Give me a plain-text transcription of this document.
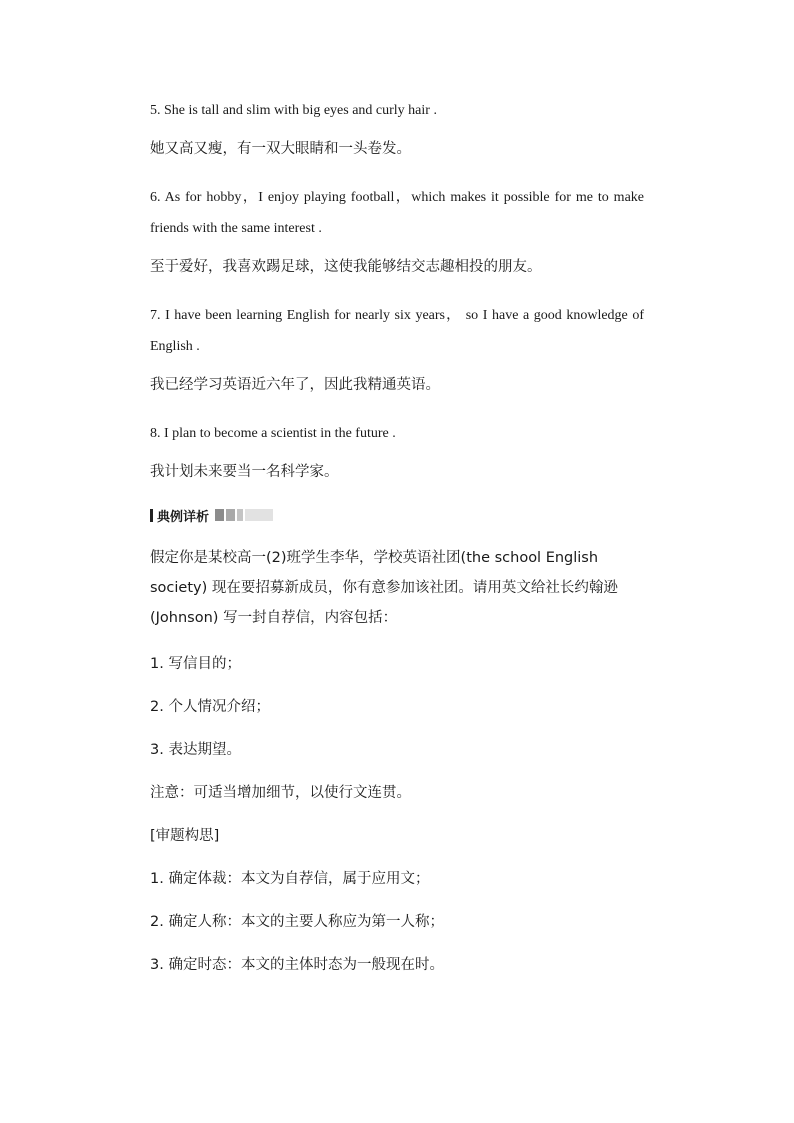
5. She is tall and slim with big eyes and curly hair .

她又高又瘦，有一双大眼睛和一头卷发。

6. As for hobby，I enjoy playing football，which makes it possible for me to make friends with the same interest .

至于爱好，我喜欢踢足球，这使我能够结交志趣相投的朋友。

7. I have been learning English for nearly six years， so I have a good knowledge of English .

我已经学习英语近六年了，因此我精通英语。

8. I plan to become a scientist in the future .

我计划未来要当一名科学家。

典例详析

假定你是某校高一(2)班学生李华，学校英语社团(the school English society) 现在要招募新成员，你有意参加该社团。请用英文给社长约翰逊(Johnson) 写一封自荐信，内容包括：

1. 写信目的；

2. 个人情况介绍；

3. 表达期望。

注意：可适当增加细节，以使行文连贯。

[审题构思]

1. 确定体裁：本文为自荐信，属于应用文；

2. 确定人称：本文的主要人称应为第一人称；

3. 确定时态：本文的主体时态为一般现在时。
